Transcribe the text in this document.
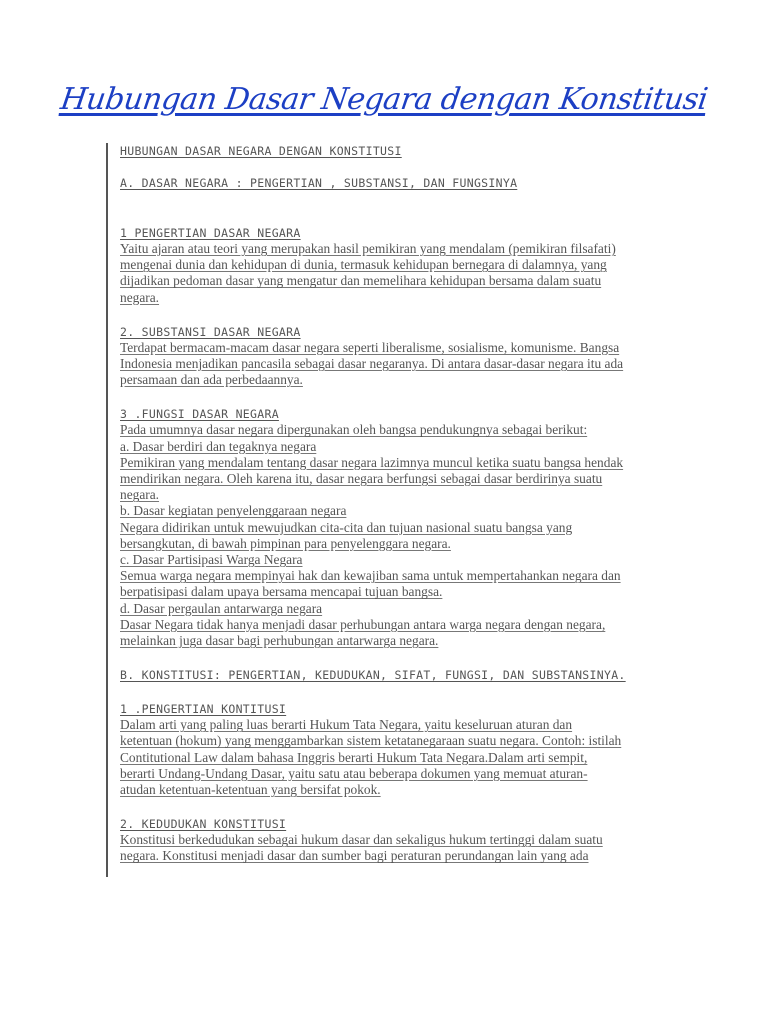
Hubungan Dasar Negara dengan Konstitusi
HUBUNGAN DASAR NEGARA DENGAN KONSTITUSI
A. DASAR NEGARA : PENGERTIAN , SUBSTANSI, DAN FUNGSINYA
1 PENGERTIAN DASAR NEGARA
Yaitu ajaran atau teori yang merupakan hasil pemikiran yang mendalam (pemikiran filsafati)
mengenai dunia dan kehidupan di dunia, termasuk kehidupan bernegara di dalamnya, yang
dijadikan pedoman dasar yang mengatur dan memelihara kehidupan bersama dalam suatu
negara.
2. SUBSTANSI DASAR NEGARA
Terdapat bermacam-macam dasar negara seperti liberalisme, sosialisme, komunisme. Bangsa
Indonesia menjadikan pancasila sebagai dasar negaranya. Di antara dasar-dasar negara itu ada
persamaan dan ada perbedaannya.
3 .FUNGSI DASAR NEGARA
Pada umumnya dasar negara dipergunakan oleh bangsa pendukungnya sebagai berikut:
a. Dasar berdiri dan tegaknya negara
Pemikiran yang mendalam tentang dasar negara lazimnya muncul ketika suatu bangsa hendak
mendirikan negara. Oleh karena itu, dasar negara berfungsi sebagai dasar berdirinya suatu
negara.
b. Dasar kegiatan penyelenggaraan negara
Negara didirikan untuk mewujudkan cita-cita dan tujuan nasional suatu bangsa yang
bersangkutan, di bawah pimpinan para penyelenggara negara.
c. Dasar Partisipasi Warga Negara
Semua warga negara mempinyai hak dan kewajiban sama untuk mempertahankan negara dan
berpatisipasi dalam upaya bersama mencapai tujuan bangsa.
d. Dasar pergaulan antarwarga negara
Dasar Negara tidak hanya menjadi dasar perhubungan antara warga negara dengan negara,
melainkan juga dasar bagi perhubungan antarwarga negara.
B. KONSTITUSI: PENGERTIAN, KEDUDUKAN, SIFAT, FUNGSI, DAN SUBSTANSINYA.
1 .PENGERTIAN KONTITUSI
Dalam arti yang paling luas berarti Hukum Tata Negara, yaitu keseluruan aturan dan
ketentuan (hokum) yang menggambarkan sistem ketatanegaraan suatu negara. Contoh: istilah
Contitutional Law dalam bahasa Inggris berarti Hukum Tata Negara.Dalam arti sempit,
berarti Undang-Undang Dasar, yaitu satu atau beberapa dokumen yang memuat aturan-
atudan ketentuan-ketentuan yang bersifat pokok.
2. KEDUDUKAN KONSTITUSI
Konstitusi berkedudukan sebagai hukum dasar dan sekaligus hukum tertinggi dalam suatu
negara. Konstitusi menjadi dasar dan sumber bagi peraturan perundangan lain yang ada
